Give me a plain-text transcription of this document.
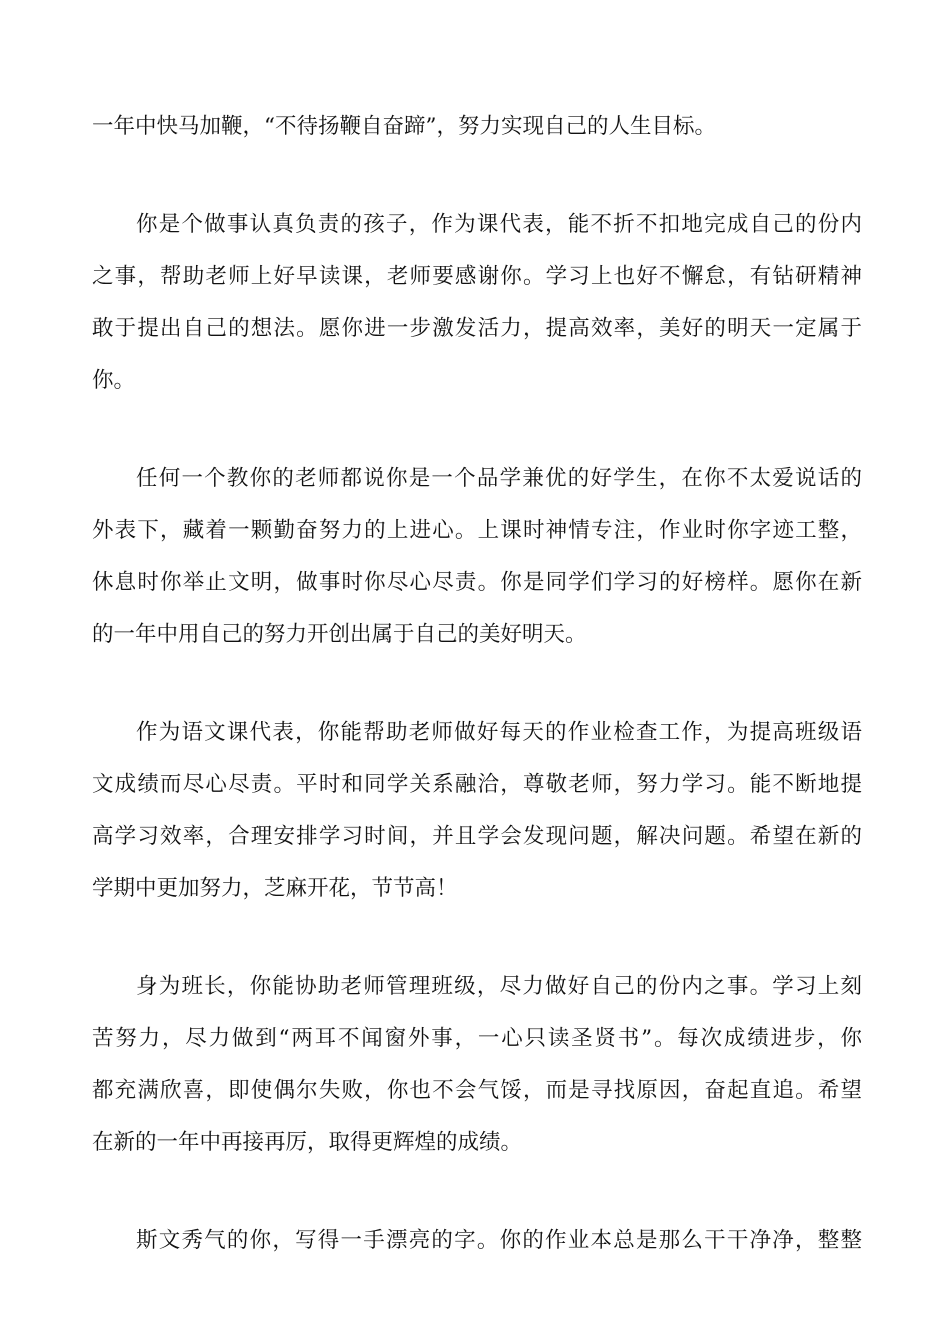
一年中快马加鞭，“不待扬鞭自奋蹄”，努力实现自己的人生目标。
你是个做事认真负责的孩子，作为课代表，能不折不扣地完成自己的份内
之事，帮助老师上好早读课，老师要感谢你。学习上也好不懈怠，有钻研精神
敢于提出自己的想法。愿你进一步激发活力，提高效率，美好的明天一定属于
你。
任何一个教你的老师都说你是一个品学兼优的好学生，在你不太爱说话的
外表下，藏着一颗勤奋努力的上进心。上课时神情专注，作业时你字迹工整，
休息时你举止文明，做事时你尽心尽责。你是同学们学习的好榜样。愿你在新
的一年中用自己的努力开创出属于自己的美好明天。
作为语文课代表，你能帮助老师做好每天的作业检查工作，为提高班级语
文成绩而尽心尽责。平时和同学关系融洽，尊敬老师，努力学习。能不断地提
高学习效率，合理安排学习时间，并且学会发现问题，解决问题。希望在新的
学期中更加努力，芝麻开花，节节高！
身为班长，你能协助老师管理班级，尽力做好自己的份内之事。学习上刻
苦努力，尽力做到“两耳不闻窗外事，一心只读圣贤书”。每次成绩进步，你
都充满欣喜，即使偶尔失败，你也不会气馁，而是寻找原因，奋起直追。希望
在新的一年中再接再厉，取得更辉煌的成绩。
斯文秀气的你，写得一手漂亮的字。你的作业本总是那么干干净净，整整
